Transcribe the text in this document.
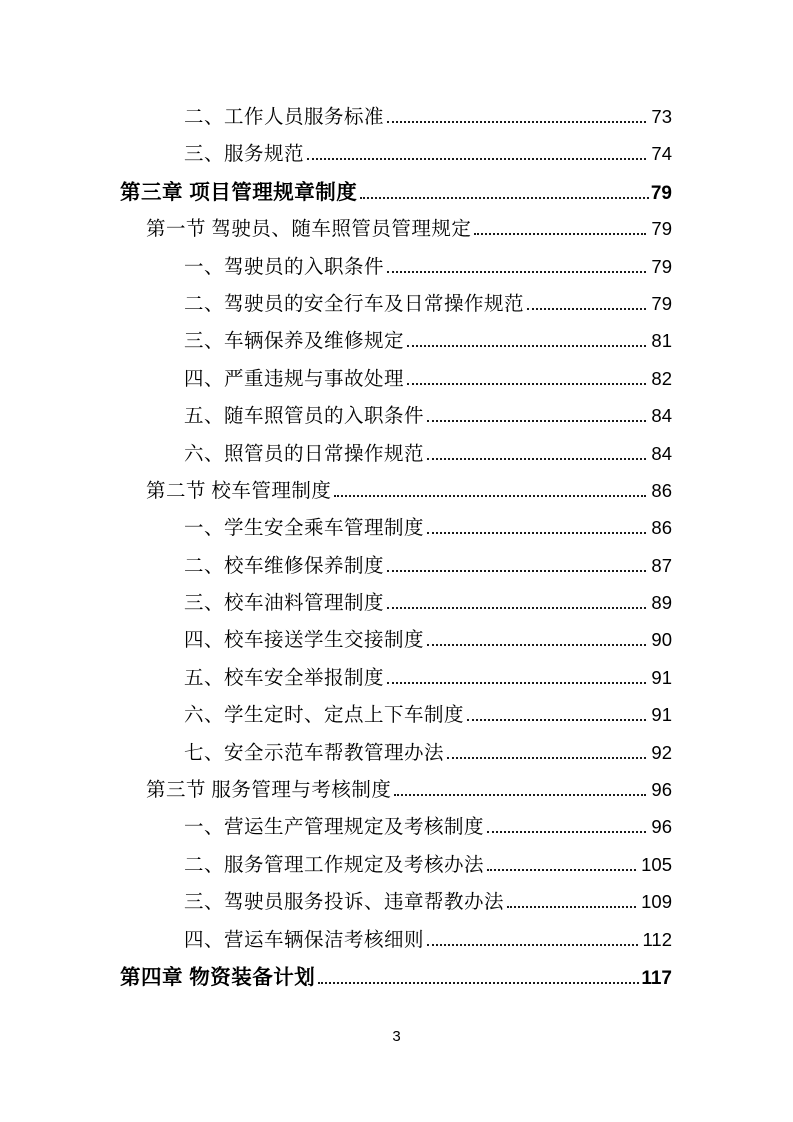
二、工作人员服务标准	73
三、服务规范	74
第三章 项目管理规章制度	79
第一节 驾驶员、随车照管员管理规定	79
一、驾驶员的入职条件	79
二、驾驶员的安全行车及日常操作规范	79
三、车辆保养及维修规定	81
四、严重违规与事故处理	82
五、随车照管员的入职条件	84
六、照管员的日常操作规范	84
第二节 校车管理制度	86
一、学生安全乘车管理制度	86
二、校车维修保养制度	87
三、校车油料管理制度	89
四、校车接送学生交接制度	90
五、校车安全举报制度	91
六、学生定时、定点上下车制度	91
七、安全示范车帮教管理办法	92
第三节 服务管理与考核制度	96
一、营运生产管理规定及考核制度	96
二、服务管理工作规定及考核办法	105
三、驾驶员服务投诉、违章帮教办法	109
四、营运车辆保洁考核细则	112
第四章 物资装备计划	117
3
